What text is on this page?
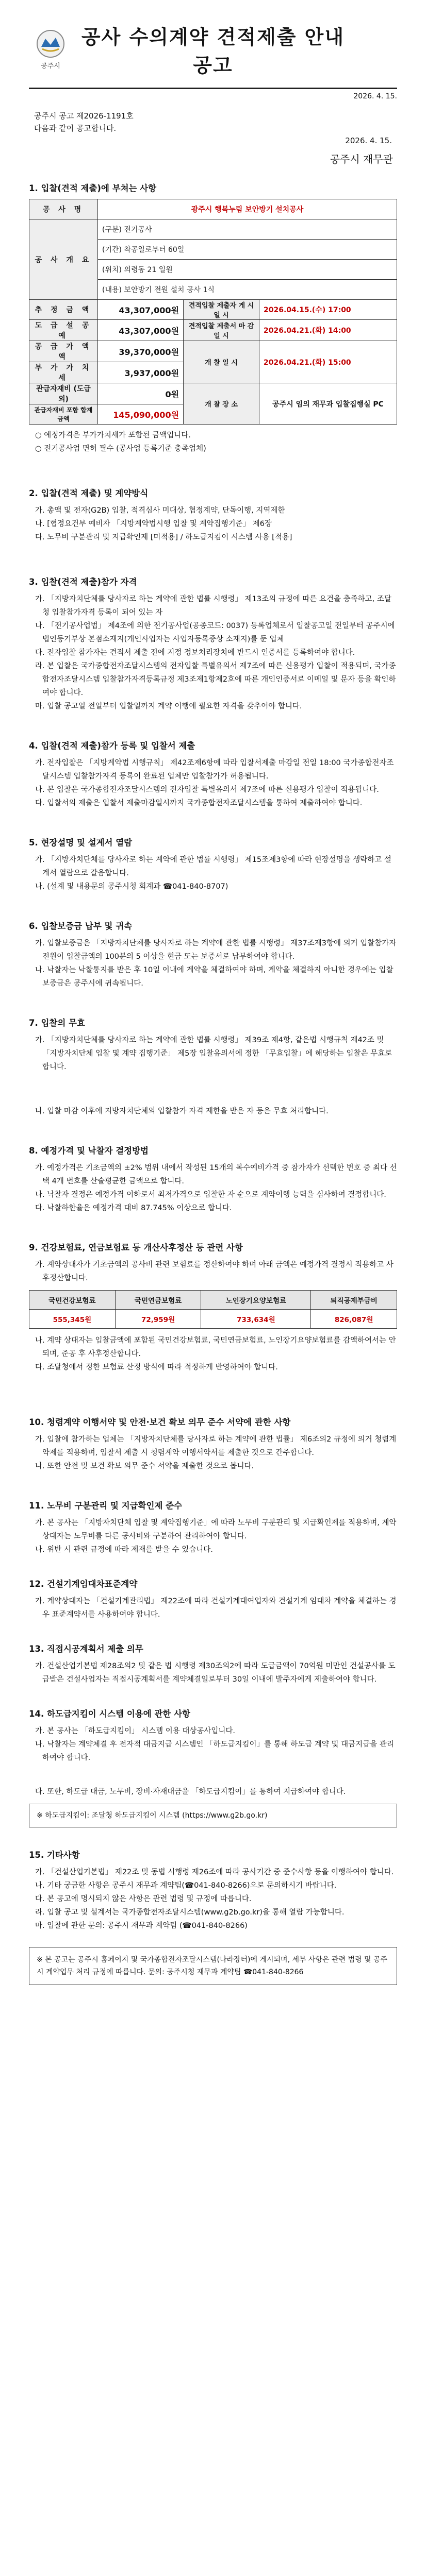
공주시
공사 수의계약 견적제출 안내공고
2026. 4. 15.
공주시 공고 제2026-1191호
다음과 같이 공고합니다.
2026. 4. 15.
공주시 재무관
1. 입찰(견적 제출)에 부쳐는 사항
공 사 명	광주시 행복누림 보안방기 설치공사		
공 사 개 요	(구분) 전기공사		
	(기간) 착공일로부터 60일		
	(위치) 의령동 21 일원		
	(내용) 보안방기 전원 설치 공사 1식		
추 정 금 액	43,307,000원	견적입찰 제출자 게 시 일 시	2026.04.15.(수) 17:00
도 급 설 공 예	43,307,000원	견적입찰 제출서 마 감 일 시	2026.04.21.(화) 14:00
공 급 가 액 액	39,370,000원	개 찰 일 시	2026.04.21.(화) 15:00
부 가 가 치 세	3,937,000원		
관급자재비 (도급외)	0원	개 찰 장 소	공주시 임의 재무과 입찰집행실 PC
관급자재비 포함 합계금액	145,090,000원		

○ 예정가격은 부가가치세가 포함된 금액입니다.

○ 전기공사업 면허 필수 (공사업 등록기준 충족업체)

2. 입찰(견적 제출) 및 계약방식

가. 총액 및 전자(G2B) 입찰, 적격심사 미대상, 협정계약, 단독이행, 지역제한

나. [협정요건부 예비자 「지방계약법시행 입찰 및 계약집행기준」 제6장

다. 노무비 구분관리 및 지급확인제 [미적용] / 하도급지킴이 시스템 사용 [적용]

3. 입찰(견적 제출)참가 자격

가. 「지방자치단체를 당사자로 하는 계약에 관한 법률 시행령」 제13조의 규정에 따른 요건을 충족하고, 조달청 입찰참가자격 등록이 되어 있는 자

나. 「전기공사업법」 제4조에 의한 전기공사업(공종코드: 0037) 등록업체로서 입찰공고일 전일부터 공주시에 법인등기부상 본점소재지(개인사업자는 사업자등록증상 소재지)를 둔 업체

다. 전자입찰 참가자는 견적서 제출 전에 지정 정보처리장치에 반드시 인증서를 등록하여야 합니다.

라. 본 입찰은 국가종합전자조달시스템의 전자입찰 특별유의서 제7조에 따른 신용평가 입찰이 적용되며, 국가종합전자조달시스템 입찰참가자격등록규정 제3조제1항제2호에 따른 개인인증서로 이메일 및 문자 등을 확인하여야 합니다.

마. 입찰 공고일 전일부터 입찰일까지 계약 이행에 필요한 자격을 갖추어야 합니다.

4. 입찰(견적 제출)참가 등록 및 입찰서 제출

가. 전자입찰은 「지방계약법 시행규칙」 제42조제6항에 따라 입찰서제출 마감일 전일 18:00 국가종합전자조달시스템 입찰참가자격 등록이 완료된 업체만 입찰참가가 허용됩니다.

나. 본 입찰은 국가종합전자조달시스템의 전자입찰 특별유의서 제7조에 따른 신용평가 입찰이 적용됩니다.

다. 입찰서의 제출은 입찰서 제출마감일시까지 국가종합전자조달시스템을 통하여 제출하여야 합니다.

5. 현장설명 및 설계서 열람

가. 「지방자치단체를 당사자로 하는 계약에 관한 법률 시행령」 제15조제3항에 따라 현장설명을 생략하고 설계서 열람으로 갈음합니다.

나. (설계 및 내용문의 공주시청 회계과 ☎041-840-8707)

6. 입찰보증금 납부 및 귀속

가. 입찰보증금은 「지방자치단체를 당사자로 하는 계약에 관한 법률 시행령」 제37조제3항에 의거 입찰참가자 전원이 입찰금액의 100분의 5 이상을 현금 또는 보증서로 납부하여야 합니다.

나. 낙찰자는 낙찰통지를 받은 후 10일 이내에 계약을 체결하여야 하며, 계약을 체결하지 아니한 경우에는 입찰보증금은 공주시에 귀속됩니다.

7. 입찰의 무효

가. 「지방자치단체를 당사자로 하는 계약에 관한 법률 시행령」 제39조 제4항, 같은법 시행규칙 제42조 및 「지방자치단체 입찰 및 계약 집행기준」 제5장 입찰유의서에 정한 「무효입찰」에 해당하는 입찰은 무효로 합니다.

나. 입찰 마감 이후에 지방자치단체의 입찰참가 자격 제한을 받은 자 등은 무효 처리합니다.

8. 예정가격 및 낙찰자 결정방법

가. 예정가격은 기초금액의 ±2% 범위 내에서 작성된 15개의 복수예비가격 중 참가자가 선택한 번호 중 최다 선택 4개 번호를 산술평균한 금액으로 합니다.

나. 낙찰자 결정은 예정가격 이하로서 최저가격으로 입찰한 자 순으로 계약이행 능력을 심사하여 결정합니다.

다. 낙찰하한율은 예정가격 대비 87.745% 이상으로 합니다.

9. 건강보험료, 연금보험료 등 개산사후정산 등 관련 사항

가. 계약상대자가 기초금액의 공사비 관련 보험료를 정산하여야 하며 아래 금액은 예정가격 결정시 적용하고 사후정산합니다.

국민건강보험료	국민연금보험료	노인장기요양보험료	퇴직공제부금비
555,345원	72,959원	733,634원	826,087원

나. 계약 상대자는 입찰금액에 포함된 국민건강보험료, 국민연금보험료, 노인장기요양보험료를 감액하여서는 안되며, 준공 후 사후정산합니다.

다. 조달청에서 정한 보험료 산정 방식에 따라 적정하게 반영하여야 합니다.

10. 청렴계약 이행서약 및 안전·보건 확보 의무 준수 서약에 관한 사항

가. 입찰에 참가하는 업체는 「지방자치단체를 당사자로 하는 계약에 관한 법률」 제6조의2 규정에 의거 청렴계약제를 적용하며, 입찰서 제출 시 청렴계약 이행서약서를 제출한 것으로 간주합니다.

나. 또한 안전 및 보건 확보 의무 준수 서약을 제출한 것으로 봅니다.

11. 노무비 구분관리 및 지급확인제 준수

가. 본 공사는 「지방자치단체 입찰 및 계약집행기준」에 따라 노무비 구분관리 및 지급확인제를 적용하며, 계약상대자는 노무비를 다른 공사비와 구분하여 관리하여야 합니다.

나. 위반 시 관련 규정에 따라 제재를 받을 수 있습니다.

12. 건설기계임대차표준계약

가. 계약상대자는 「건설기계관리법」 제22조에 따라 건설기계대여업자와 건설기계 임대차 계약을 체결하는 경우 표준계약서를 사용하여야 합니다.

13. 직접시공계획서 제출 의무

가. 건설산업기본법 제28조의2 및 같은 법 시행령 제30조의2에 따라 도급금액이 70억원 미만인 건설공사를 도급받은 건설사업자는 직접시공계획서를 계약체결일로부터 30일 이내에 발주자에게 제출하여야 합니다.

14. 하도급지킴이 시스템 이용에 관한 사항

가. 본 공사는 「하도급지킴이」 시스템 이용 대상공사입니다.

나. 낙찰자는 계약체결 후 전자적 대금지급 시스템인 「하도급지킴이」를 통해 하도급 계약 및 대금지급을 관리하여야 합니다.

다. 또한, 하도급 대금, 노무비, 장비·자재대금을 「하도급지킴이」를 통하여 지급하여야 합니다.

※ 하도급지킴이: 조달청 하도급지킴이 시스템 (https://www.g2b.go.kr)
15. 기타사항

가. 「건설산업기본법」 제22조 및 동법 시행령 제26조에 따라 공사기간 중 준수사항 등을 이행하여야 합니다.

나. 기타 궁금한 사항은 공주시 재무과 계약팀(☎041-840-8266)으로 문의하시기 바랍니다.

다. 본 공고에 명시되지 않은 사항은 관련 법령 및 규정에 따릅니다.

라. 입찰 공고 및 설계서는 국가종합전자조달시스템(www.g2b.go.kr)을 통해 열람 가능합니다.

마. 입찰에 관한 문의: 공주시 재무과 계약팀 (☎041-840-8266)

※ 본 공고는 공주시 홈페이지 및 국가종합전자조달시스템(나라장터)에 게시되며, 세부 사항은 관련 법령 및 공주시 계약업무 처리 규정에 따릅니다. 문의: 공주시청 재무과 계약팀 ☎041-840-8266
